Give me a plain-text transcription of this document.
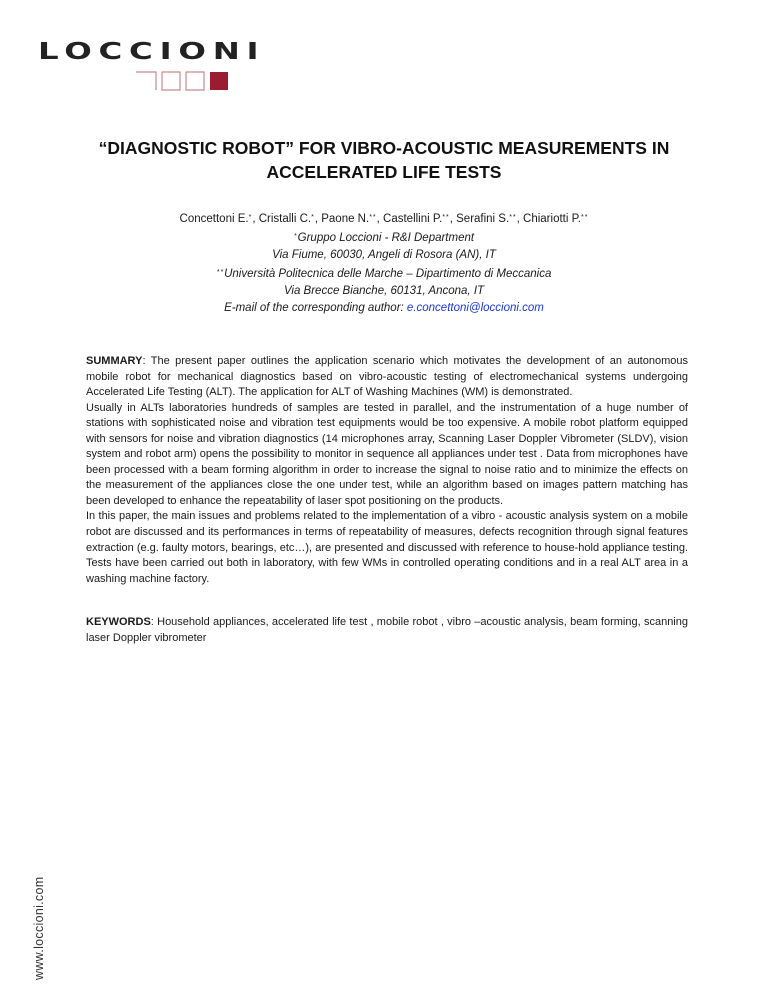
LOCCIONI
“DIAGNOSTIC ROBOT” FOR VIBRO-ACOUSTIC MEASUREMENTS IN
ACCELERATED LIFE TESTS
Concettoni E.*, Cristalli C.*, Paone N.**, Castellini P.**, Serafini S.**, Chiariotti P.**
*Gruppo Loccioni - R&I Department
Via Fiume, 60030, Angeli di Rosora (AN), IT
**Università Politecnica delle Marche – Dipartimento di Meccanica
Via Brecce Bianche, 60131, Ancona, IT
E-mail of the corresponding author: e.concettoni@loccioni.com

SUMMARY: The present paper outlines the application scenario which motivates the development of an autonomous mobile robot for mechanical diagnostics based on vibro-acoustic testing of electromechanical systems undergoing Accelerated Life Testing (ALT). The application for ALT of Washing Machines (WM) is demonstrated.

Usually in ALTs laboratories hundreds of samples are tested in parallel, and the instrumentation of a huge number of stations with sophisticated noise and vibration test equipments would be too expensive. A mobile robot platform equipped with sensors for noise and vibration diagnostics (14 microphones array, Scanning Laser Doppler Vibrometer (SLDV), vision system and robot arm) opens the possibility to monitor in sequence all appliances under test . Data from microphones have been processed with a beam forming algorithm in order to increase the signal to noise ratio and to minimize the effects on the measurement of the appliances close the one under test, while an algorithm based on images pattern matching has been developed to enhance the repeatability of laser spot positioning on the products.

In this paper, the main issues and problems related to the implementation of a vibro - acoustic analysis system on a mobile robot are discussed and its performances in terms of repeatability of measures, defects recognition through signal features extraction (e.g. faulty motors, bearings, etc…), are presented and discussed with reference to house-hold appliance testing. Tests have been carried out both in laboratory, with few WMs in controlled operating conditions and in a real ALT area in a washing machine factory.

KEYWORDS: Household appliances, accelerated life test , mobile robot , vibro –acoustic analysis, beam forming, scanning laser Doppler vibrometer
www.loccioni.com
